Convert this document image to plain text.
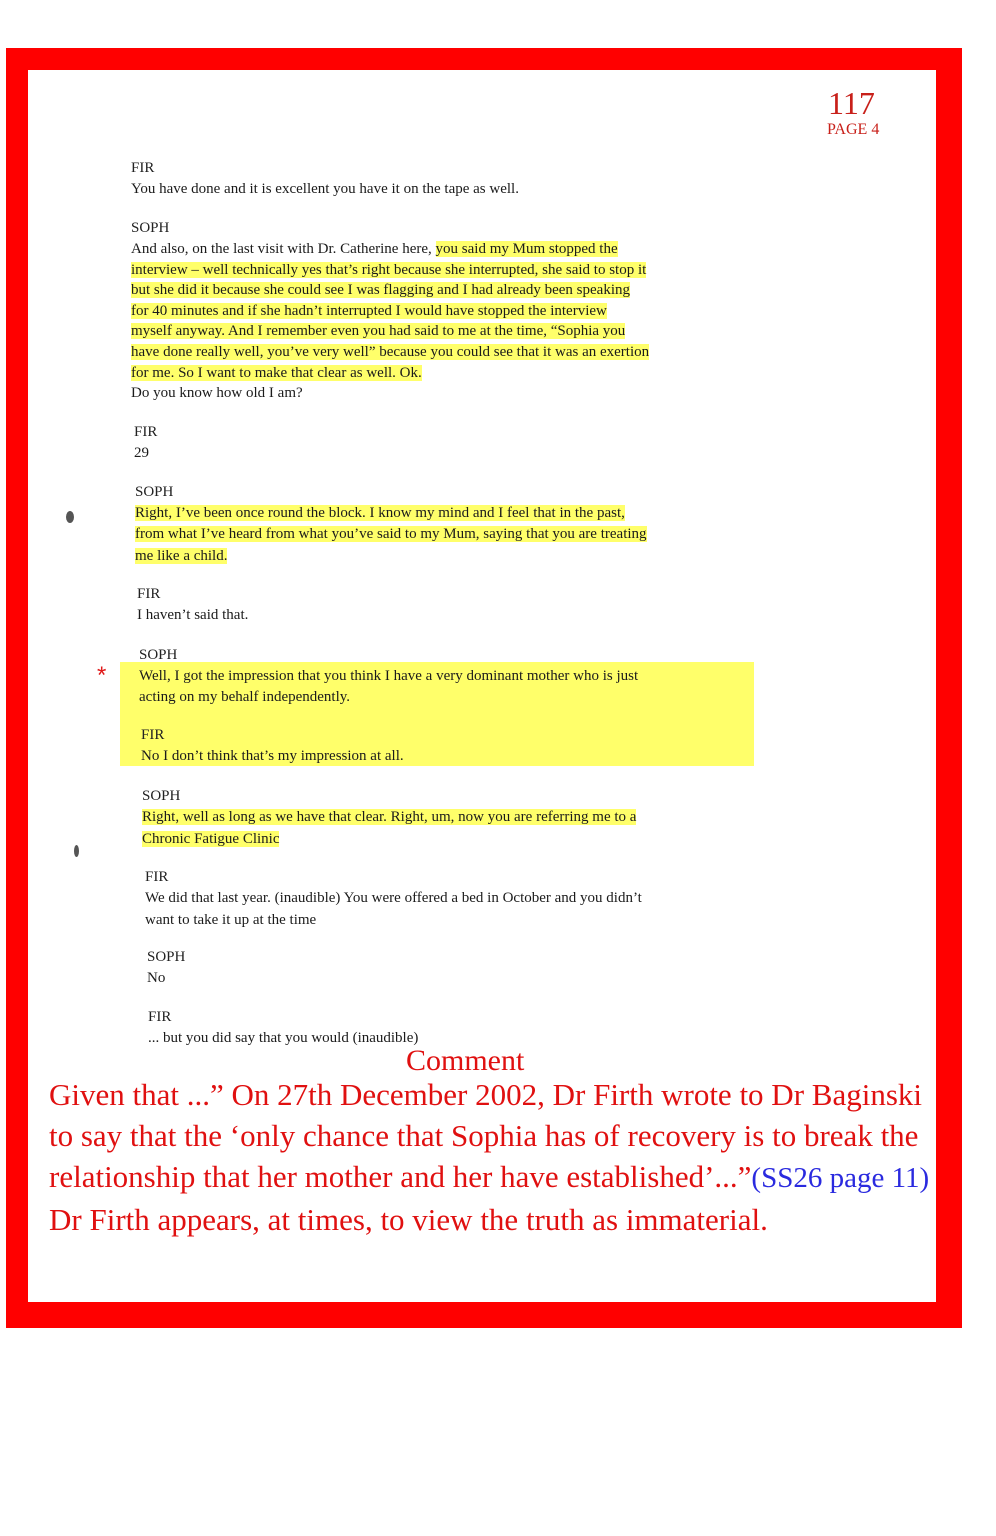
117
PAGE 4
*
FIR
You have done and it is excellent you have it on the tape as well.
SOPH
And also, on the last visit with Dr. Catherine here, you said my Mum stopped the
interview – well technically yes that’s right because she interrupted, she said to stop it
but she did it because she could see I was flagging and I had already been speaking
for 40 minutes and if she hadn’t interrupted I would have stopped the interview
myself anyway. And I remember even you had said to me at the time, “Sophia you
have done really well, you’ve very well” because you could see that it was an exertion
for me. So I want to make that clear as well. Ok.
Do you know how old I am?
FIR
29
SOPH
Right, I’ve been once round the block. I know my mind and I feel that in the past,
from what I’ve heard from what you’ve said to my Mum, saying that you are treating
me like a child.
FIR
I haven’t said that.
SOPH
Well, I got the impression that you think I have a very dominant mother who is just
acting on my behalf independently.
FIR
No I don’t think that’s my impression at all.
SOPH
Right, well as long as we have that clear. Right, um, now you are referring me to a
Chronic Fatigue Clinic
FIR
We did that last year. (inaudible) You were offered a bed in October and you didn’t
want to take it up at the time
SOPH
No
FIR
... but you did say that you would (inaudible)
Comment
Given that ...” On 27th December 2002, Dr Firth wrote to Dr Baginski to say that the ‘only chance that Sophia has of recovery is to break the relationship that her mother and her have established’...”(SS26 page 11) Dr Firth appears, at times, to view the truth as immaterial.
